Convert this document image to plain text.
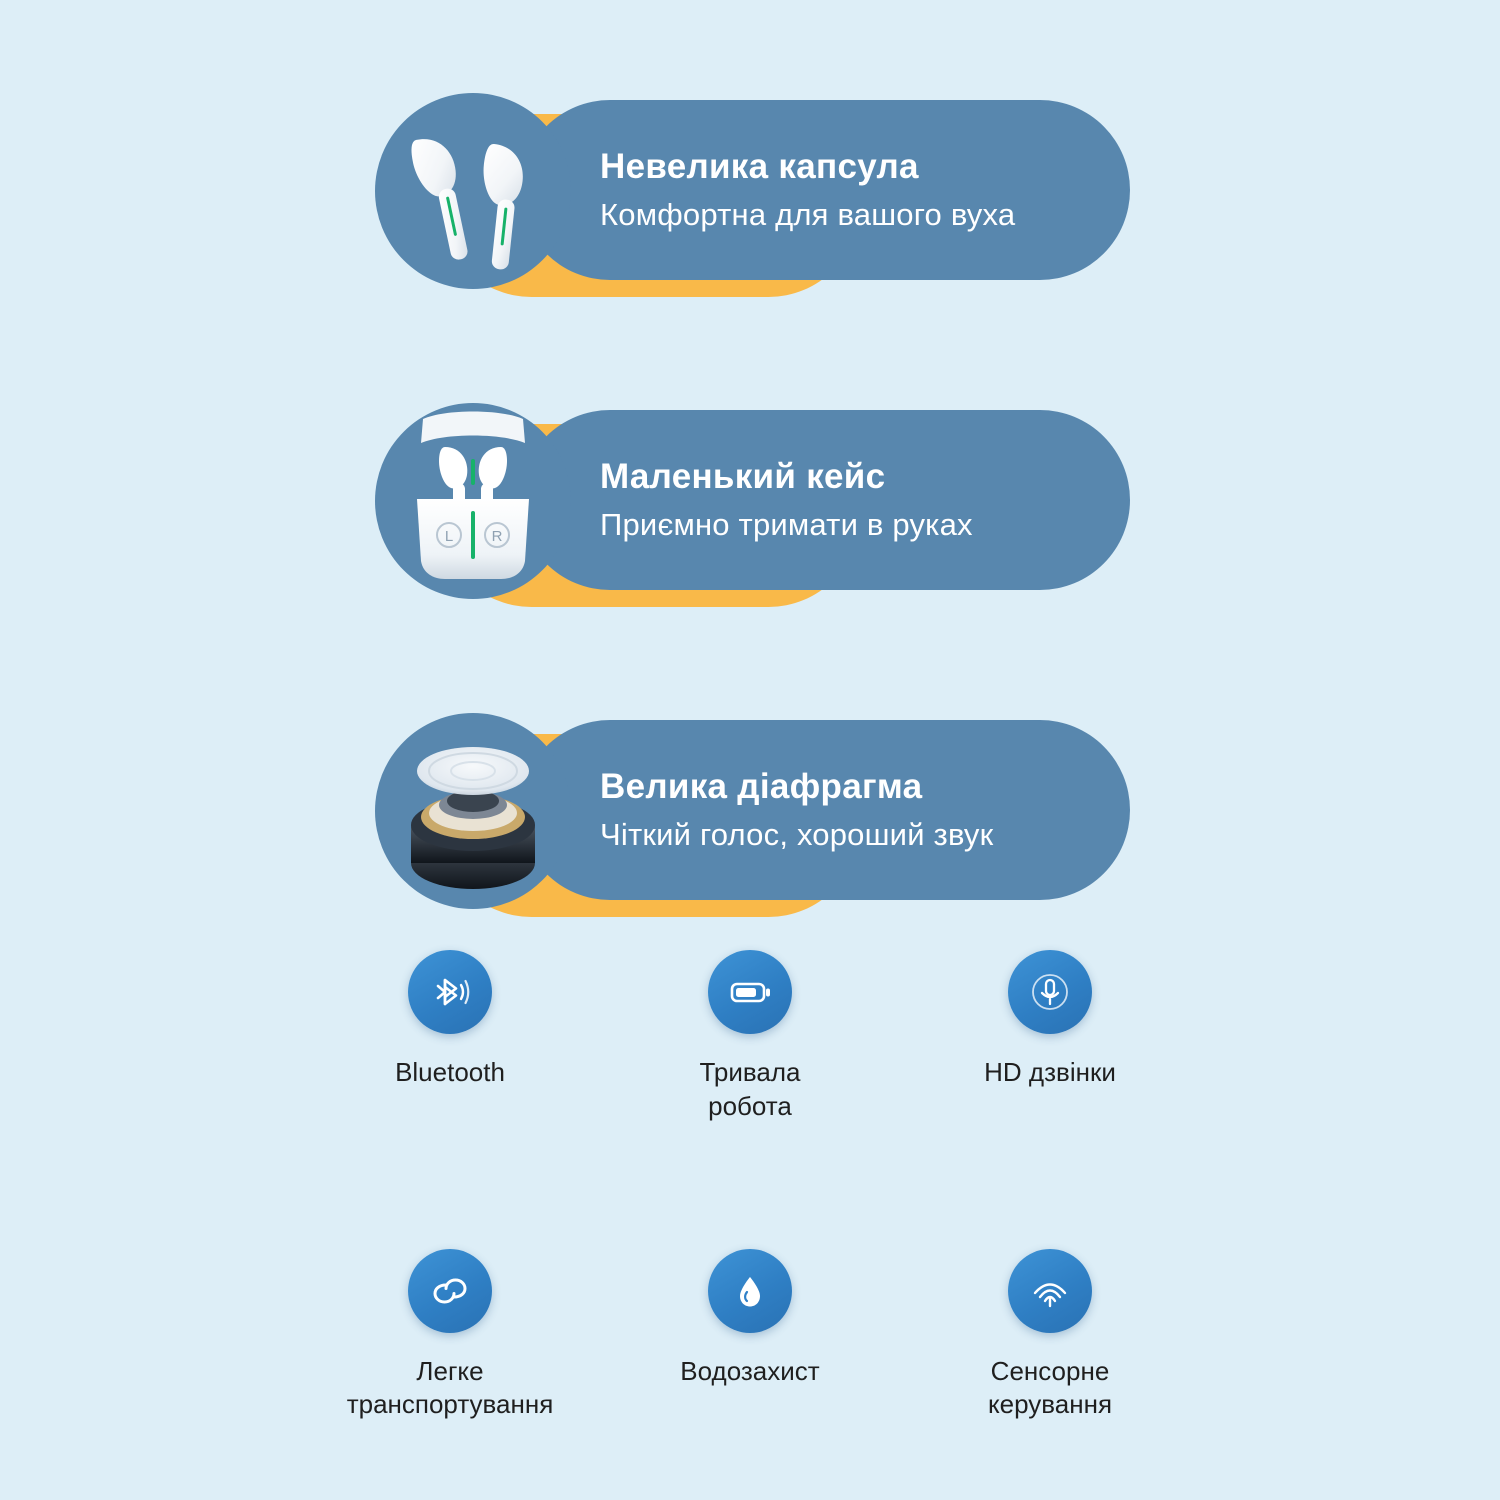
Невелика капсула
Комфортна для вашого вуха
Маленький кейс
Приємно тримати в руках
L	R
Велика діафрагма
Чіткий голос, хороший звук
Bluetooth	Тривала
робота
HD дзвінки
Легке
транспортування
Водозахист	Сенсорне
керування
